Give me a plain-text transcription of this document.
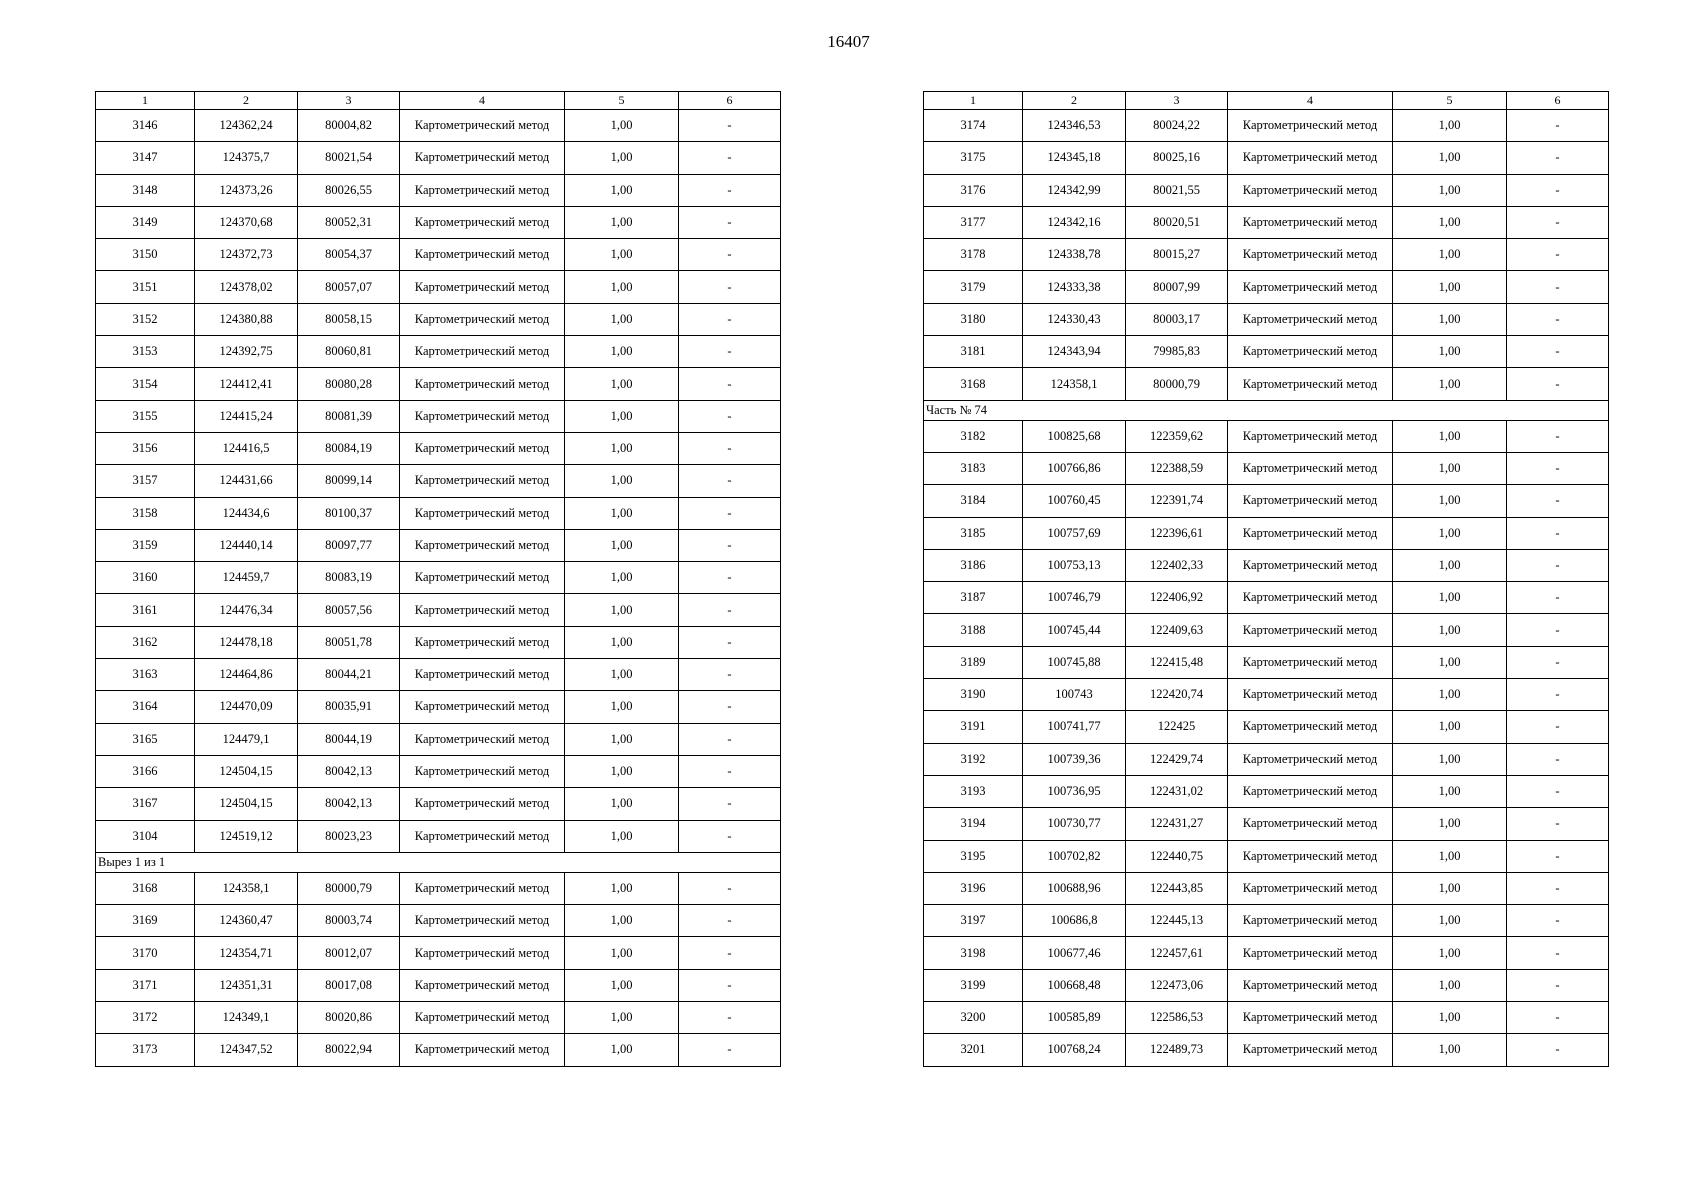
16407
1	2	3	4	5	6
3146	124362,24	80004,82	Картометрический метод	1,00	-
3147	124375,7	80021,54	Картометрический метод	1,00	-
3148	124373,26	80026,55	Картометрический метод	1,00	-
3149	124370,68	80052,31	Картометрический метод	1,00	-
3150	124372,73	80054,37	Картометрический метод	1,00	-
3151	124378,02	80057,07	Картометрический метод	1,00	-
3152	124380,88	80058,15	Картометрический метод	1,00	-
3153	124392,75	80060,81	Картометрический метод	1,00	-
3154	124412,41	80080,28	Картометрический метод	1,00	-
3155	124415,24	80081,39	Картометрический метод	1,00	-
3156	124416,5	80084,19	Картометрический метод	1,00	-
3157	124431,66	80099,14	Картометрический метод	1,00	-
3158	124434,6	80100,37	Картометрический метод	1,00	-
3159	124440,14	80097,77	Картометрический метод	1,00	-
3160	124459,7	80083,19	Картометрический метод	1,00	-
3161	124476,34	80057,56	Картометрический метод	1,00	-
3162	124478,18	80051,78	Картометрический метод	1,00	-
3163	124464,86	80044,21	Картометрический метод	1,00	-
3164	124470,09	80035,91	Картометрический метод	1,00	-
3165	124479,1	80044,19	Картометрический метод	1,00	-
3166	124504,15	80042,13	Картометрический метод	1,00	-
3167	124504,15	80042,13	Картометрический метод	1,00	-
3104	124519,12	80023,23	Картометрический метод	1,00	-
Вырез 1 из 1					
3168	124358,1	80000,79	Картометрический метод	1,00	-
3169	124360,47	80003,74	Картометрический метод	1,00	-
3170	124354,71	80012,07	Картометрический метод	1,00	-
3171	124351,31	80017,08	Картометрический метод	1,00	-
3172	124349,1	80020,86	Картометрический метод	1,00	-
3173	124347,52	80022,94	Картометрический метод	1,00	-
1	2	3	4	5	6
3174	124346,53	80024,22	Картометрический метод	1,00	-
3175	124345,18	80025,16	Картометрический метод	1,00	-
3176	124342,99	80021,55	Картометрический метод	1,00	-
3177	124342,16	80020,51	Картометрический метод	1,00	-
3178	124338,78	80015,27	Картометрический метод	1,00	-
3179	124333,38	80007,99	Картометрический метод	1,00	-
3180	124330,43	80003,17	Картометрический метод	1,00	-
3181	124343,94	79985,83	Картометрический метод	1,00	-
3168	124358,1	80000,79	Картометрический метод	1,00	-
Часть № 74					
3182	100825,68	122359,62	Картометрический метод	1,00	-
3183	100766,86	122388,59	Картометрический метод	1,00	-
3184	100760,45	122391,74	Картометрический метод	1,00	-
3185	100757,69	122396,61	Картометрический метод	1,00	-
3186	100753,13	122402,33	Картометрический метод	1,00	-
3187	100746,79	122406,92	Картометрический метод	1,00	-
3188	100745,44	122409,63	Картометрический метод	1,00	-
3189	100745,88	122415,48	Картометрический метод	1,00	-
3190	100743	122420,74	Картометрический метод	1,00	-
3191	100741,77	122425	Картометрический метод	1,00	-
3192	100739,36	122429,74	Картометрический метод	1,00	-
3193	100736,95	122431,02	Картометрический метод	1,00	-
3194	100730,77	122431,27	Картометрический метод	1,00	-
3195	100702,82	122440,75	Картометрический метод	1,00	-
3196	100688,96	122443,85	Картометрический метод	1,00	-
3197	100686,8	122445,13	Картометрический метод	1,00	-
3198	100677,46	122457,61	Картометрический метод	1,00	-
3199	100668,48	122473,06	Картометрический метод	1,00	-
3200	100585,89	122586,53	Картометрический метод	1,00	-
3201	100768,24	122489,73	Картометрический метод	1,00	-
